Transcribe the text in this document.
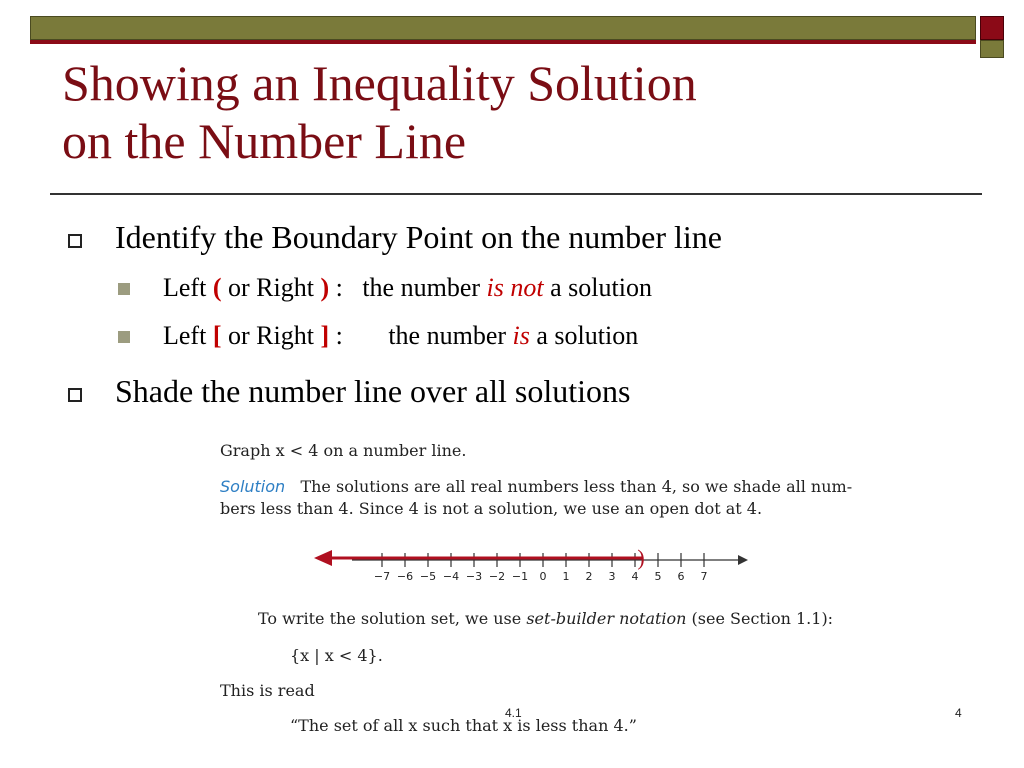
Showing an Inequality Solution
on the Number Line
Identify the Boundary Point on the number line
Left ( or Right ) :   the number is not a solution
Left [ or Right ] :       the number is a solution
Shade the number line over all solutions
Graph x < 4 on a number line.
Solution The solutions are all real numbers less than 4, so we shade all num-
bers less than 4. Since 4 is not a solution, we use an open dot at 4.
−7 −6 −5 −4 −3 −2 −1 0 1 2 3 4 5 6 7
)
To write the solution set, we use set-builder notation (see Section 1.1):
{x | x < 4}.
This is read
“The set of all x such that x is less than 4.”
4.1	4
